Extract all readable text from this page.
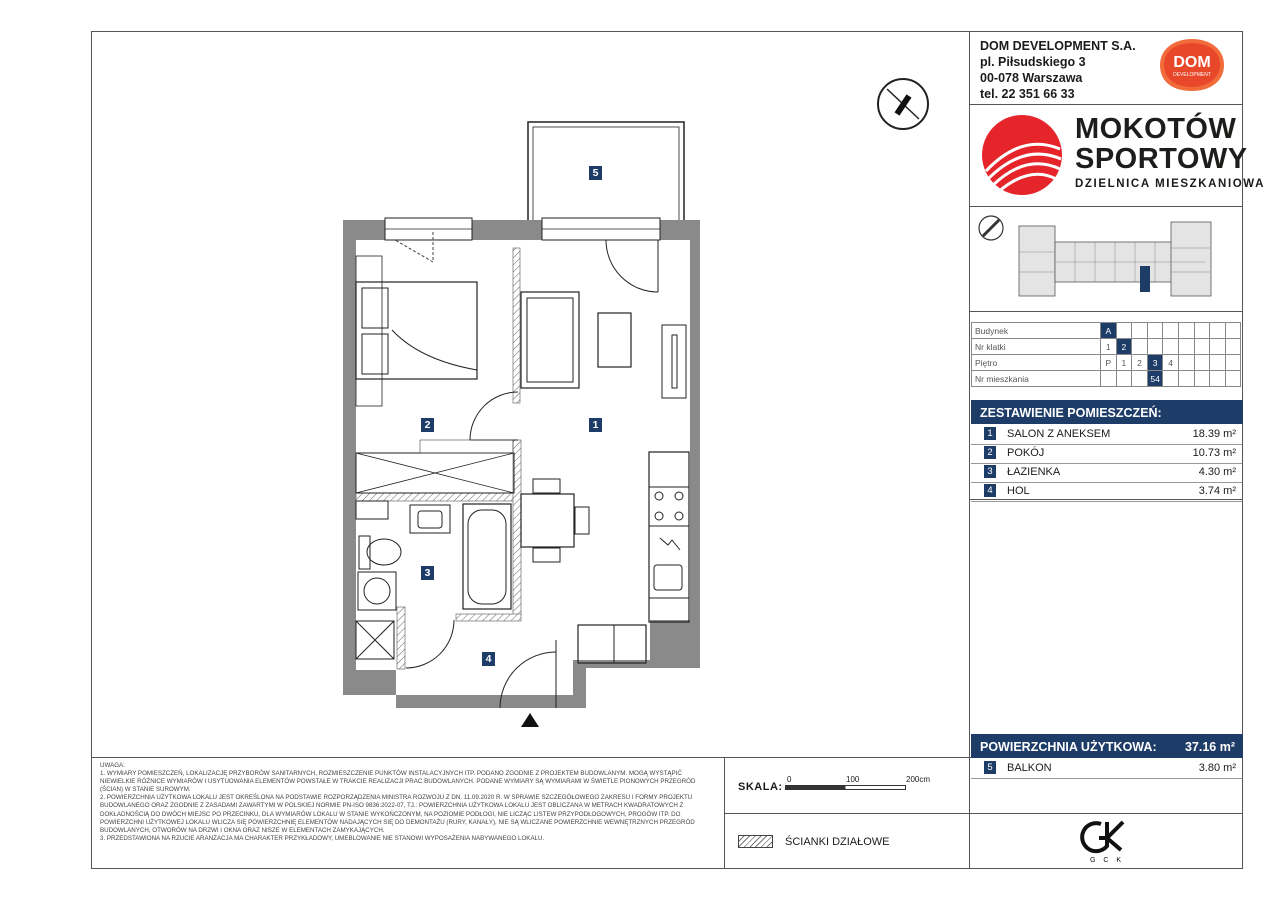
DOM DEVELOPMENT S.A.
pl. Piłsudskiego 3
00-078 Warszawa
tel. 22 351 66 33
DOM
DEVELOPMENT
MOKOTÓW
SPORTOWY
DZIELNICA MIESZKANIOWA
Budynek	A								
Nr klatki	1	2							
Piętro	P	1	2	3	4				
Nr mieszkania				54					
ZESTAWIENIE POMIESZCZEŃ:
1	SALON Z ANEKSEM	18.39 m²
2	POKÓJ	10.73 m²
3	ŁAZIENKA	4.30 m²
4	HOL	3.74 m²
POWIERZCHNIA UŻYTKOWA: 37.16 m²
5	BALKON	3.80 m²
UWAGA:
1. WYMIARY POMIESZCZEŃ, LOKALIZACJĘ PRZYBORÓW SANITARNYCH, ROZMIESZCZENIE PUNKTÓW INSTALACYJNYCH ITP. PODANO ZGODNIE Z PROJEKTEM BUDOWLANYM. MOGĄ WYSTĄPIĆ NIEWIELKIE RÓŻNICE WYMIARÓW I USYTUOWANIA ELEMENTÓW POWSTAŁE W TRAKCIE REALIZACJI PRAC BUDOWLANYCH. PODANE WYMIARY SĄ WYMIARAMI W ŚWIETLE PIONOWYCH PRZEGRÓD (ŚCIAN) W STANIE SUROWYM.
2. POWIERZCHNIA UŻYTKOWA LOKALU JEST OKREŚLONA NA PODSTAWIE ROZPORZĄDZENIA MINISTRA ROZWOJU Z DN. 11.09.2020 R. W SPRAWIE SZCZEGÓŁOWEGO ZAKRESU I FORMY PROJEKTU BUDOWLANEGO ORAZ ZGODNIE Z ZASADAMI ZAWARTYMI W POLSKIEJ NORMIE PN-ISO 9836:2022-07, TJ.: POWIERZCHNIA UŻYTKOWA LOKALU JEST OBLICZANA W METRACH KWADRATOWYCH Z DOKŁADNOŚCIĄ DO DWÓCH MIEJSC PO PRZECINKU, DLA WYMIARÓW LOKALU W STANIE WYKOŃCZONYM, NA POZIOMIE PODŁOGI, NIE LICZĄC LISTEW PRZYPODŁOGOWYCH, PROGÓW ITP. DO POWIERZCHNI UŻYTKOWEJ LOKALU WLICZA SIĘ POWIERZCHNIĘ ELEMENTÓW NADAJĄCYCH SIĘ DO DEMONTAŻU (RURY, KANAŁY), NIE SĄ WLICZANE POWIERZCHNIE WEWNĘTRZNYCH PRZEGRÓD BUDOWLANYCH, OTWORÓW NA DRZWI I OKNA ORAZ NISZE W ELEMENTACH ZAMYKAJĄCYCH.
3. PRZEDSTAWIONA NA RZUCIE ARANŻACJA MA CHARAKTER PRZYKŁADOWY, UMEBLOWANIE NIE STANOWI WYPOSAŻENIA NABYWANEGO LOKALU.
SKALA:
0	100	200cm
ŚCIANKI DZIAŁOWE
G C K
5
1
2
3
4
